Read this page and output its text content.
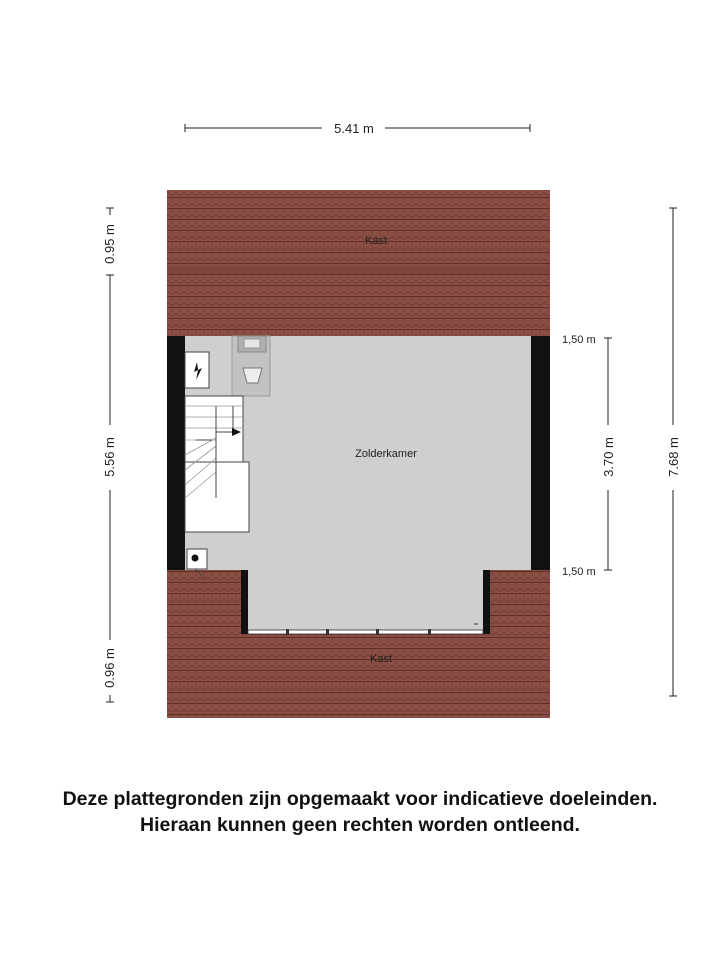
Kast
Zolderkamer
Kast
5.41 m
0.95 m
5.56 m
0.96 m
7.68 m
3.70 m
1,50 m
1,50 m
Deze plattegronden zijn opgemaakt voor indicatieve doeleinden.
Hieraan kunnen geen rechten worden ontleend.
